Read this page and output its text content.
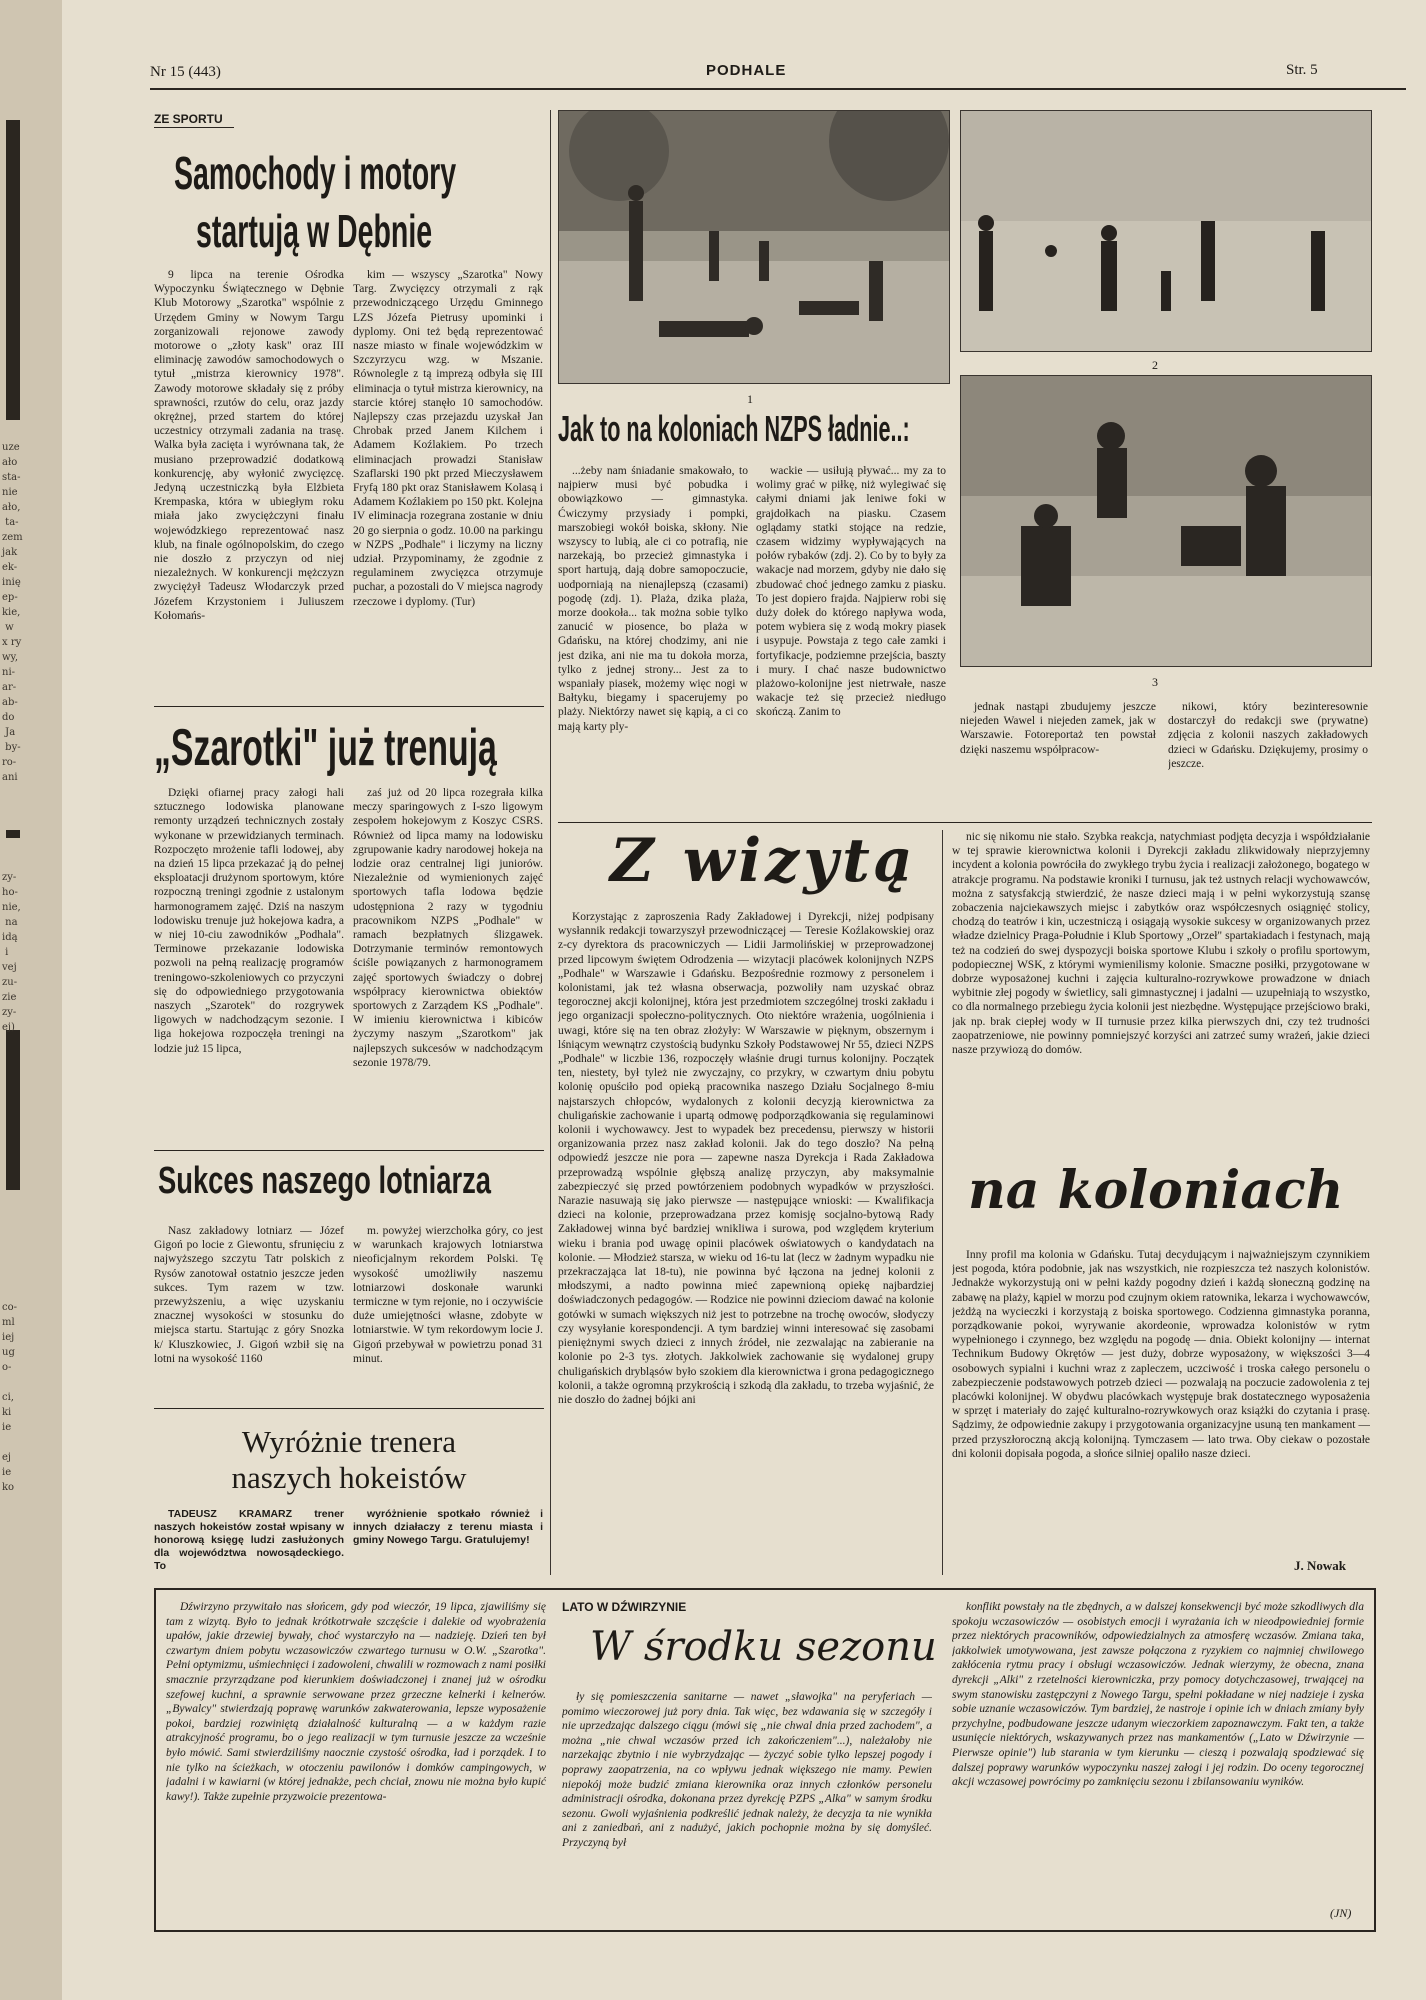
uze
ało
sta-
nie
ało,
ta-
zem
jak
ek-
inię
ep-
kie,
w
x ry
wy,
ni-
ar-
ab-
do
Ja
by-
ro-
ani
zy-
ho-
nie,
na
idą
i
vej
zu-
zie
zy-
ej)
co-
ml
iej
ug
o-

ci,
ki
ie

ej
ie
ko
Nr 15 (443)	PODHALE	Str. 5
ZE SPORTU
Samochody i motory
startują w Dębnie

9 lipca na terenie Ośrodka Wypoczynku Świątecznego w Dębnie Klub Motorowy „Szarotka" wspólnie z Urzędem Gminy w Nowym Targu zorganizowali rejonowe zawody motorowe o „złoty kask" oraz III eliminację zawodów samochodowych o tytuł „mistrza kierownicy 1978". Zawody motorowe składały się z próby sprawności, rzutów do celu, oraz jazdy okrężnej, przed startem do której uczestnicy otrzymali zadania na trasę. Walka była zacięta i wyrównana tak, że musiano przeprowadzić dodatkową konkurencję, aby wyłonić zwycięzcę. Jedyną uczestniczką była Elżbieta Krempaska, która w ubiegłym roku miała jako zwyciężczyni finału wojewódzkiego reprezentować nasz klub, na finale ogólnopolskim, do czego nie doszło z przyczyn od niej niezależnych. W konkurencji mężczyzn zwyciężył Tadeusz Włodarczyk przed Józefem Krzystoniem i Juliuszem Kołomańs-

kim — wszyscy „Szarotka" Nowy Targ. Zwycięzcy otrzymali z rąk przewodniczącego Urzędu Gminnego LZS Józefa Pietrusy upominki i dyplomy. Oni też będą reprezentować nasze miasto w finale wojewódzkim w Szczyrzycu wzg. w Mszanie. Równolegle z tą imprezą odbyła się III eliminacja o tytuł mistrza kierownicy, na starcie której stanęło 10 samochodów. Najlepszy czas przejazdu uzyskał Jan Chrobak przed Janem Kilchem i Adamem Koźlakiem. Po trzech eliminacjach prowadzi Stanisław Szaflarski 190 pkt przed Mieczysławem Fryfą 180 pkt oraz Stanisławem Kolasą i Adamem Koźlakiem po 150 pkt. Kolejna IV eliminacja rozegrana zostanie w dniu 20 go sierpnia o godz. 10.00 na parkingu w NZPS „Podhale" i liczymy na liczny udział. Przypominamy, że zgodnie z regulaminem zwycięzca otrzymuje puchar, a pozostali do V miejsca nagrody rzeczowe i dyplomy. (Tur)

„Szarotki" już trenują

Dzięki ofiarnej pracy załogi hali sztucznego lodowiska planowane remonty urządzeń technicznych zostały wykonane w przewidzianych terminach. Rozpoczęto mrożenie tafli lodowej, aby na dzień 15 lipca przekazać ją do pełnej eksploatacji drużynom sportowym, które rozpoczną treningi zgodnie z ustalonym harmonogramem zajęć. Dziś na naszym lodowisku trenuje już hokejowa kadra, a w niej 10-ciu zawodników „Podhala". Terminowe przekazanie lodowiska pozwoli na pełną realizację programów treningowo-szkoleniowych co przyczyni się do odpowiedniego przygotowania naszych „Szarotek" do rozgrywek ligowych w nadchodzącym sezonie. I liga hokejowa rozpoczęła treningi na lodzie już 15 lipca,

zaś już od 20 lipca rozegrała kilka meczy sparingowych z I-szo ligowym zespołem hokejowym z Koszyc CSRS. Również od lipca mamy na lodowisku zgrupowanie kadry narodowej hokeja na lodzie oraz centralnej ligi juniorów. Niezależnie od wymienionych zajęć sportowych tafla lodowa będzie udostępniona 2 razy w tygodniu pracownikom NZPS „Podhale" w ramach bezpłatnych ślizgawek. Dotrzymanie terminów remontowych ściśle powiązanych z harmonogramem zajęć sportowych świadczy o dobrej współpracy kierownictwa obiektów sportowych z Zarządem KS „Podhale". W imieniu kierownictwa i kibiców życzymy naszym „Szarotkom" jak najlepszych sukcesów w nadchodzącym sezonie 1978/79.

Sukces naszego lotniarza

Nasz zakładowy lotniarz — Józef Gigoń po locie z Giewontu, sfrunięciu z najwyższego szczytu Tatr polskich z Rysów zanotował ostatnio jeszcze jeden sukces. Tym razem w tzw. przewyższeniu, a więc uzyskaniu znacznej wysokości w stosunku do miejsca startu. Startując z góry Snozka k/ Kluszkowiec, J. Gigoń wzbił się na lotni na wysokość 1160

m. powyżej wierzchołka góry, co jest w warunkach krajowych lotniarstwa nieoficjalnym rekordem Polski. Tę wysokość umożliwiły naszemu lotniarzowi doskonałe warunki termiczne w tym rejonie, no i oczywiście duże umiejętności własne, zdobyte w lotniarstwie. W tym rekordowym locie J. Gigoń przebywał w powietrzu ponad 31 minut.

Wyróżnie trenera
naszych hokeistów

TADEUSZ KRAMARZ trener naszych hokeistów został wpisany w honorową księgę ludzi zasłużonych dla województwa nowosądeckiego. To

wyróżnienie spotkało również i innych działaczy z terenu miasta i gminy Nowego Targu. Gratulujemy!

1
2
3
Jak to na koloniach NZPS ładnie..:

...żeby nam śniadanie smakowało, to najpierw musi być pobudka i obowiązkowo — gimnastyka. Ćwiczymy przysiady i pompki, marszobiegi wokół boiska, skłony. Nie wszyscy to lubią, ale ci co potrafią, nie narzekają, bo przecież gimnastyka i sport hartują, dają dobre samopoczucie, uodporniają na nienajlepszą (czasami) pogodę (zdj. 1). Plaża, dzika plaża, morze dookoła... tak można sobie tylko zanucić w piosence, bo plaża w Gdańsku, na której chodzimy, ani nie jest dzika, ani nie ma tu dokoła morza, tylko z jednej strony... Jest za to wspaniały piasek, możemy więc nogi w Bałtyku, biegamy i spacerujemy po plaży. Niektórzy nawet się kąpią, a ci co mają karty ply-

wackie — usiłują pływać... my za to wolimy grać w piłkę, niż wylegiwać się całymi dniami jak leniwe foki w grajdołkach na piasku. Czasem oglądamy statki stojące na redzie, czasem widzimy wypływających na połów rybaków (zdj. 2). Co by to były za wakacje nad morzem, gdyby nie dało się zbudować choć jednego zamku z piasku. To jest dopiero frajda. Najpierw robi się duży dołek do którego napływa woda, potem wybiera się z wodą mokry piasek i usypuje. Powstaja z tego całe zamki i fortyfikacje, podziemne przejścia, baszty i mury. I chać nasze budownictwo plażowo-kolonijne jest nietrwałe, nasze wakacje też się przecież niedługo skończą. Zanim to	jednak nastąpi zbudujemy jeszcze niejeden Wawel i niejeden zamek, jak w Warszawie. Fotoreportaż ten powstał dzięki naszemu współpracow-

nikowi, który bezinteresownie dostarczył do redakcji swe (prywatne) zdjęcia z kolonii naszych zakładowych dzieci w Gdańsku. Dziękujemy, prosimy o jeszcze.

Z wizytą

Korzystając z zaproszenia Rady Zakładowej i Dyrekcji, niżej podpisany wysłannik redakcji towarzyszył przewodniczącej — Teresie Koźlakowskiej oraz z-cy dyrektora ds pracowniczych — Lidii Jarmolińskiej w przeprowadzonej przed lipcowym świętem Odrodzenia — wizytacji placówek kolonijnych NZPS „Podhale" w Warszawie i Gdańsku. Bezpośrednie rozmowy z personelem i kolonistami, jak też własna obserwacja, pozwoliły nam uzyskać obraz tegorocznej akcji kolonijnej, która jest przedmiotem szczególnej troski zakładu i jego organizacji społeczno-politycznych. Oto niektóre wrażenia, uogólnienia i uwagi, które się na ten obraz złożyły: W Warszawie w pięknym, obszernym i lśniącym wewnątrz czystością budynku Szkoły Podstawowej Nr 55, dzieci NZPS „Podhale" w liczbie 136, rozpoczęły właśnie drugi turnus kolonijny. Początek ten, niestety, był tyleż nie zwyczajny, co przykry, w czwartym dniu pobytu kolonię opuściło pod opieką pracownika naszego Działu Socjalnego 8-miu najstarszych chłopców, wydalonych z kolonii decyzją kierownictwa za chuligańskie zachowanie i upartą odmowę podporządkowania się regulaminowi kolonii i wychowawcy. Jest to wypadek bez precedensu, pierwszy w historii organizowania przez nasz zakład kolonii. Jak do tego doszło? Na pełną odpowiedź jeszcze nie pora — zapewne nasza Dyrekcja i Rada Zakładowa przeprowadzą wspólnie głębszą analizę przyczyn, aby maksymalnie zabezpieczyć się przed powtórzeniem podobnych wypadków w przyszłości. Narazie nasuwają się jako pierwsze — następujące wnioski: — Kwalifikacja dzieci na kolonie, przeprowadzana przez komisję socjalno-bytową Rady Zakładowej winna być bardziej wnikliwa i surowa, pod względem kryterium wieku i brania pod uwagę opinii placówek oświatowych o kandydatach na kolonie. — Młodzież starsza, w wieku od 16-tu lat (lecz w żadnym wypadku nie przekraczająca lat 18-tu), nie powinna być łączona na jednej kolonii z młodszymi, a nadto powinna mieć zapewnioną opiekę najbardziej doświadczonych pedagogów. — Rodzice nie powinni dzieciom dawać na kolonie gotówki w sumach większych niż jest to potrzebne na trochę owoców, słodyczy czy wysyłanie korespondencji. A tym bardziej winni interesować się zasobami pieniężnymi swych dzieci z innych źródeł, nie zezwalając na zabieranie na kolonie po 2-3 tys. złotych. Jakkolwiek zachowanie się wydalonej grupy chuligańskich drybląsów było szokiem dla kierownictwa i grona pedagogicznego kolonii, a także ogromną przykrością i szkodą dla zakładu, to trzeba wyjaśnić, że nie doszło do żadnej bójki ani

nic się nikomu nie stało. Szybka reakcja, natychmiast podjęta decyzja i współdziałanie w tej sprawie kierownictwa kolonii i Dyrekcji zakładu zlikwidowały nieprzyjemny incydent a kolonia powróciła do zwykłego trybu życia i realizacji założonego, bogatego w atrakcje programu. Na podstawie kroniki I turnusu, jak też ustnych relacji wychowawców, można z satysfakcją stwierdzić, że nasze dzieci mają i w pełni wykorzystują szansę zobaczenia najciekawszych miejsc i zabytków oraz współczesnych osiągnięć stolicy, chodzą do teatrów i kin, uczestniczą i osiągają wysokie sukcesy w organizowanych przez władze dzielnicy Praga-Południe i Klub Sportowy „Orzeł" spartakiadach i festynach, mają też na codzień do swej dyspozycji boiska sportowe Klubu i szkoły o profilu sportowym, podopiecznej WSK, z którymi wymienilismy kolonie. Smaczne posiłki, przygotowane w dobrze wyposażonej kuchni i zajęcia kulturalno-rozrywkowe prowadzone w dniach wybitnie złej pogody w świetlicy, sali gimnastycznej i jadalni — uzupełniają to wszystko, co dla normalnego przebiegu życia kolonii jest niezbędne. Występujące przejściowo braki, jak np. brak ciepłej wody w II turnusie przez kilka pierwszych dni, czy też trudności zaopatrzeniowe, nie powinny pomniejszyć korzyści ani zatrzeć sumy wrażeń, jakie dzieci nasze przywiozą do domów.

na koloniach

Inny profil ma kolonia w Gdańsku. Tutaj decydującym i najważniejszym czynnikiem jest pogoda, która podobnie, jak nas wszystkich, nie rozpieszcza też naszych kolonistów. Jednakże wykorzystują oni w pełni każdy pogodny dzień i każdą słoneczną godzinę na zabawę na plaży, kąpiel w morzu pod czujnym okiem ratownika, lekarza i wychowawców, jeżdżą na wycieczki i korzystają z boiska sportowego. Codzienna gimnastyka poranna, porządkowanie pokoi, wyrywanie akordeonie, wprowadza kolonistów w rytm wypełnionego i czynnego, bez względu na pogodę — dnia. Obiekt kolonijny — internat Technikum Budowy Okrętów — jest duży, dobrze wyposażony, w większości 3—4 osobowych sypialni i kuchni wraz z zapleczem, uczciwość i troska całego personelu o zabezpieczenie podstawowych potrzeb dzieci — pozwalają na poczucie zadowolenia z tej placówki kolonijnej. W obydwu placówkach występuje brak dostatecznego wyposażenia w sprzęt i materiały do zajęć kulturalno-rozrywkowych oraz książki do czytania i prasę. Sądzimy, że odpowiednie zakupy i przygotowania organizacyjne usuną ten mankament — przed przyszłoroczną akcją kolonijną. Tymczasem — lato trwa. Oby ciekaw o pozostałe dni kolonii dopisała pogoda, a słońce silniej opaliło nasze dzieci.

J. Nowak

Dźwirzyno przywitało nas słońcem, gdy pod wieczór, 19 lipca, zjawiliśmy się tam z wizytą. Było to jednak krótkotrwałe szczęście i dalekie od wyobrażenia upałów, jakie drzewiej bywały, choć wystarczyło na — nadzieję. Dzień ten był czwartym dniem pobytu wczasowiczów czwartego turnusu w O.W. „Szarotka". Pełni optymizmu, uśmiechnięci i zadowoleni, chwalili w rozmowach z nami posiłki smacznie przyrządzane pod kierunkiem doświadczonej i znanej już w ośrodku szefowej kuchni, a sprawnie serwowane przez grzeczne kelnerki i kelnerów. „Bywalcy" stwierdzają poprawę warunków zakwaterowania, lepsze wyposażenie pokoi, bardziej rozwiniętą działalność kulturalną — a w każdym razie atrakcyjność programu, bo o jego realizacji w tym turnusie jeszcze za wcześnie było mówić. Sami stwierdziliśmy naocznie czystość ośrodka, ład i porządek. I to nie tylko na ścieżkach, w otoczeniu pawilonów i domków campingowych, w jadalni i w kawiarni (w której jednakże, pech chciał, znowu nie można było kupić kawy!). Także zupełnie przyzwoicie prezentowa-

LATO W DŹWIRZYNIE
W środku sezonu

ły się pomieszczenia sanitarne — nawet „sławojka" na peryferiach — pomimo wieczorowej już pory dnia. Tak więc, bez wdawania się w szczegóły i nie uprzedzając dalszego ciągu (mówi się „nie chwal dnia przed zachodem", a można „nie chwal wczasów przed ich zakończeniem"...), należałoby nie narzekając zbytnio i nie wybrzydzając — życzyć sobie tylko lepszej pogody i poprawy zaopatrzenia, na co wpływu jednak większego nie mamy. Pewien niepokój może budzić zmiana kierownika oraz innych członków personelu administracji ośrodka, dokonana przez dyrekcję PZPS „Alka" w samym środku sezonu. Gwoli wyjaśnienia podkreślić jednak należy, że decyzja ta nie wynikła ani z zaniedbań, ani z nadużyć, jakich pochopnie można by się domyśleć. Przyczyną był

konflikt powstały na tle zbędnych, a w dalszej konsekwencji być może szkodliwych dla spokoju wczasowiczów — osobistych emocji i wyrażania ich w nieodpowiedniej formie przez niektórych pracowników, odpowiedzialnych za atmosferę wczasów. Zmiana taka, jakkolwiek umotywowana, jest zawsze połączona z ryzykiem co najmniej chwilowego zakłócenia rytmu pracy i obsługi wczasowiczów. Jednak wierzymy, że obecna, znana dyrekcji „Alki" z rzetelności kierowniczka, przy pomocy dotychczasowej, trwającej na swym stanowisku zastępczyni z Nowego Targu, spełni pokładane w niej nadzieje i zyska sobie uznanie wczasowiczów. Tym bardziej, że nastroje i opinie ich w dniach zmiany były przychylne, podbudowane jeszcze udanym wieczorkiem zapoznawczym. Fakt ten, a także usunięcie niektórych, wskazywanych przez nas mankamentów („Lato w Dźwirzynie — Pierwsze opinie") lub starania w tym kierunku — cieszą i pozwalają spodziewać się dalszej poprawy warunków wypoczynku naszej załogi i jej rodzin. Do oceny tegorocznej akcji wczasowej powrócimy po zamknięciu sezonu i zbilansowaniu wyników.

(JN)
